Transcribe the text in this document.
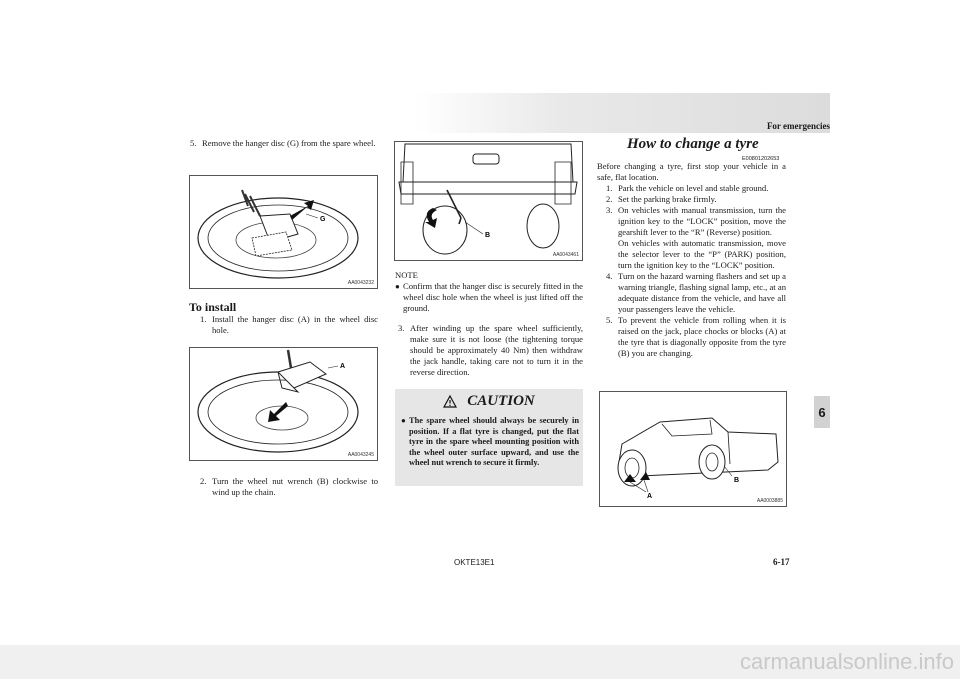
For emergencies
6
5. Remove the hanger disc (G) from the spare wheel.
G
AA0043232
To install
1. Install the hanger disc (A) in the wheel disc hole.
A
AA0043245
2. Turn the wheel nut wrench (B) clockwise to wind up the chain.
B
AA0043461
NOTE
● Confirm that the hanger disc is securely fitted in the wheel disc hole when the wheel is just lifted off the ground.
3. After winding up the spare wheel sufficiently, make sure it is not loose (the tightening torque should be approximately 40 Nm) then withdraw the jack handle, taking care not to turn it in the reverse direction.
CAUTION
● The spare wheel should always be securely in position. If a flat tyre is changed, put the flat tyre in the spare wheel mounting position with the wheel outer surface upward, and use the wheel nut wrench to secure it firmly.
How to change a tyre
E00801202653
Before changing a tyre, first stop your vehicle in a safe, flat location.
1. Park the vehicle on level and stable ground.
2. Set the parking brake firmly.
3. On vehicles with manual transmission, turn the ignition key to the “LOCK” position, move the gearshift lever to the “R” (Reverse) position.
On vehicles with automatic transmission, move the selector lever to the “P” (PARK) position, turn the ignition key to the “LOCK” position.
4. Turn on the hazard warning flashers and set up a warning triangle, flashing signal lamp, etc., at an adequate distance from the vehicle, and have all your passengers leave the vehicle.
5. To prevent the vehicle from rolling when it is raised on the jack, place chocks or blocks (A) at the tyre that is diagonally opposite from the tyre (B) you are changing.
A
B
AA0003885
OKTE13E1	6-17
carmanualsonline.info
